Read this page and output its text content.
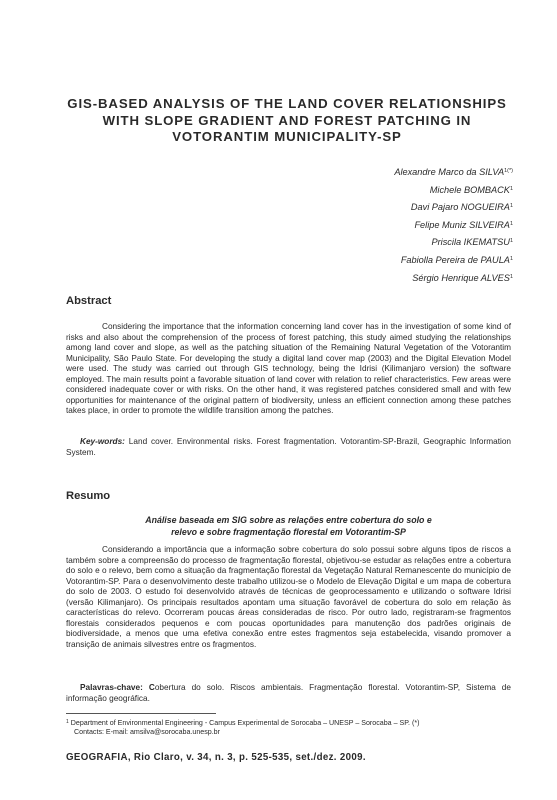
GIS-BASED ANALYSIS OF THE LAND COVER RELATIONSHIPS
WITH SLOPE GRADIENT AND FOREST PATCHING IN
VOTORANTIM MUNICIPALITY-SP
Alexandre Marco da $SILVA^{1(*)}$
Michele BOMBACK$^1$
Davi Pajaro NOGUEIRA$^1$
Felipe Muniz SILVEIRA$^1$
Priscila IKEMATSU$^1$
Fabiolla Pereira de PAULA$^1$
Sérgio Henrique ALVES$^1$
Abstract

Considering the importance that the information concerning land cover has in the investigation of some kind of risks and also about the comprehension of the process of forest patching, this study aimed studying the relationships among land cover and slope, as well as the patching situation of the Remaining Natural Vegetation of the Votorantim Municipality, São Paulo State. For developing the study a digital land cover map (2003) and the Digital Elevation Model were used. The study was carried out through GIS technology, being the Idrisi (Kilimanjaro version) the software employed. The main results point a favorable situation of land cover with relation to relief characteristics. Few areas were considered inadequate cover or with risks. On the other hand, it was registered patches considered small and with few opportunities for maintenance of the original pattern of biodiversity, unless an efficient connection among these patches takes place, in order to promote the wildlife transition among the patches.

Key-words: Land cover. Environmental risks. Forest fragmentation. Votorantim-SP-Brazil, Geographic Information System.

Resumo
Análise baseada em SIG sobre as relações entre cobertura do solo e
relevo e sobre fragmentação florestal em Votorantim-SP

Considerando a importância que a informação sobre cobertura do solo possui sobre alguns tipos de riscos a também sobre a compreensão do processo de fragmentação florestal, objetivou-se estudar as relações entre a cobertura do solo e o relevo, bem como a situação da fragmentação florestal da Vegetação Natural Remanescente do município de Votorantim-SP. Para o desenvolvimento deste trabalho utilizou-se o Modelo de Elevação Digital e um mapa de cobertura do solo de 2003. O estudo foi desenvolvido através de técnicas de geoprocessamento e utilizando o software Idrisi (versão Kilimanjaro). Os principais resultados apontam uma situação favorável de cobertura do solo em relação às características do relevo. Ocorreram poucas áreas consideradas de risco. Por outro lado, registraram-se fragmentos florestais considerados pequenos e com poucas oportunidades para manutenção dos padrões originais de biodiversidade, a menos que uma efetiva conexão entre estes fragmentos seja estabelecida, visando promover a transição de animais silvestres entre os fragmentos.

Palavras-chave: Cobertura do solo. Riscos ambientais. Fragmentação florestal. Votorantim-SP, Sistema de informação geográfica.

$^1$ Department of Environmental Engineering - Campus Experimental de Sorocaba – UNESP – Sorocaba – SP. (*)
Contacts: E-mail: amsilva@sorocaba.unesp.br
GEOGRAFIA, Rio Claro, v. 34, n. 3, p. 525-535, set./dez. 2009.
